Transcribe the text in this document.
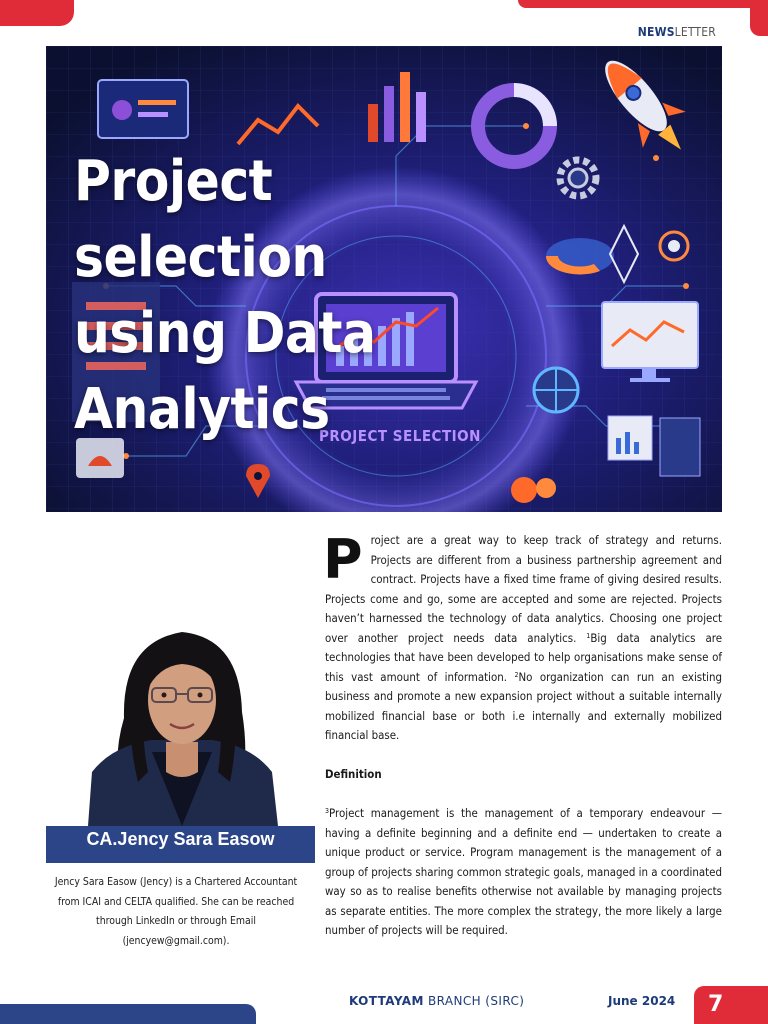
NEWSLETTER
PROJECT SELECTION
Project selection
using Data
Analytics
CA.Jency Sara Easow

Jency Sara Easow (Jency) is a Chartered Accountant from ICAI and CELTA qualified. She can be reached through LinkedIn or through Email (jencyew@gmail.com).

Project are a great way to keep track of strategy and returns. Projects are different from a business partnership agreement and contract. Projects have a fixed time frame of giving desired results. Projects come and go, some are accepted and some are rejected. Projects haven’t harnessed the technology of data analytics. Choosing one project over another project needs data analytics. $^1$Big data analytics are technologies that have been developed to help organisations make sense of this vast amount of information. $^2$No organization can run an existing business and promote a new expansion project without a suitable internally mobilized financial base or both i.e internally and externally mobilized financial base.

Definition

$^3$Project management is the management of a temporary endeavour — having a definite beginning and a definite end — undertaken to create a unique product or service. Program management is the management of a group of projects sharing common strategic goals, managed in a coordinated way so as to realise benefits otherwise not available by managing projects as separate entities. The more complex the strategy, the more likely a large number of projects will be required.

KOTTAYAM BRANCH (SIRC)	June 2024	7
